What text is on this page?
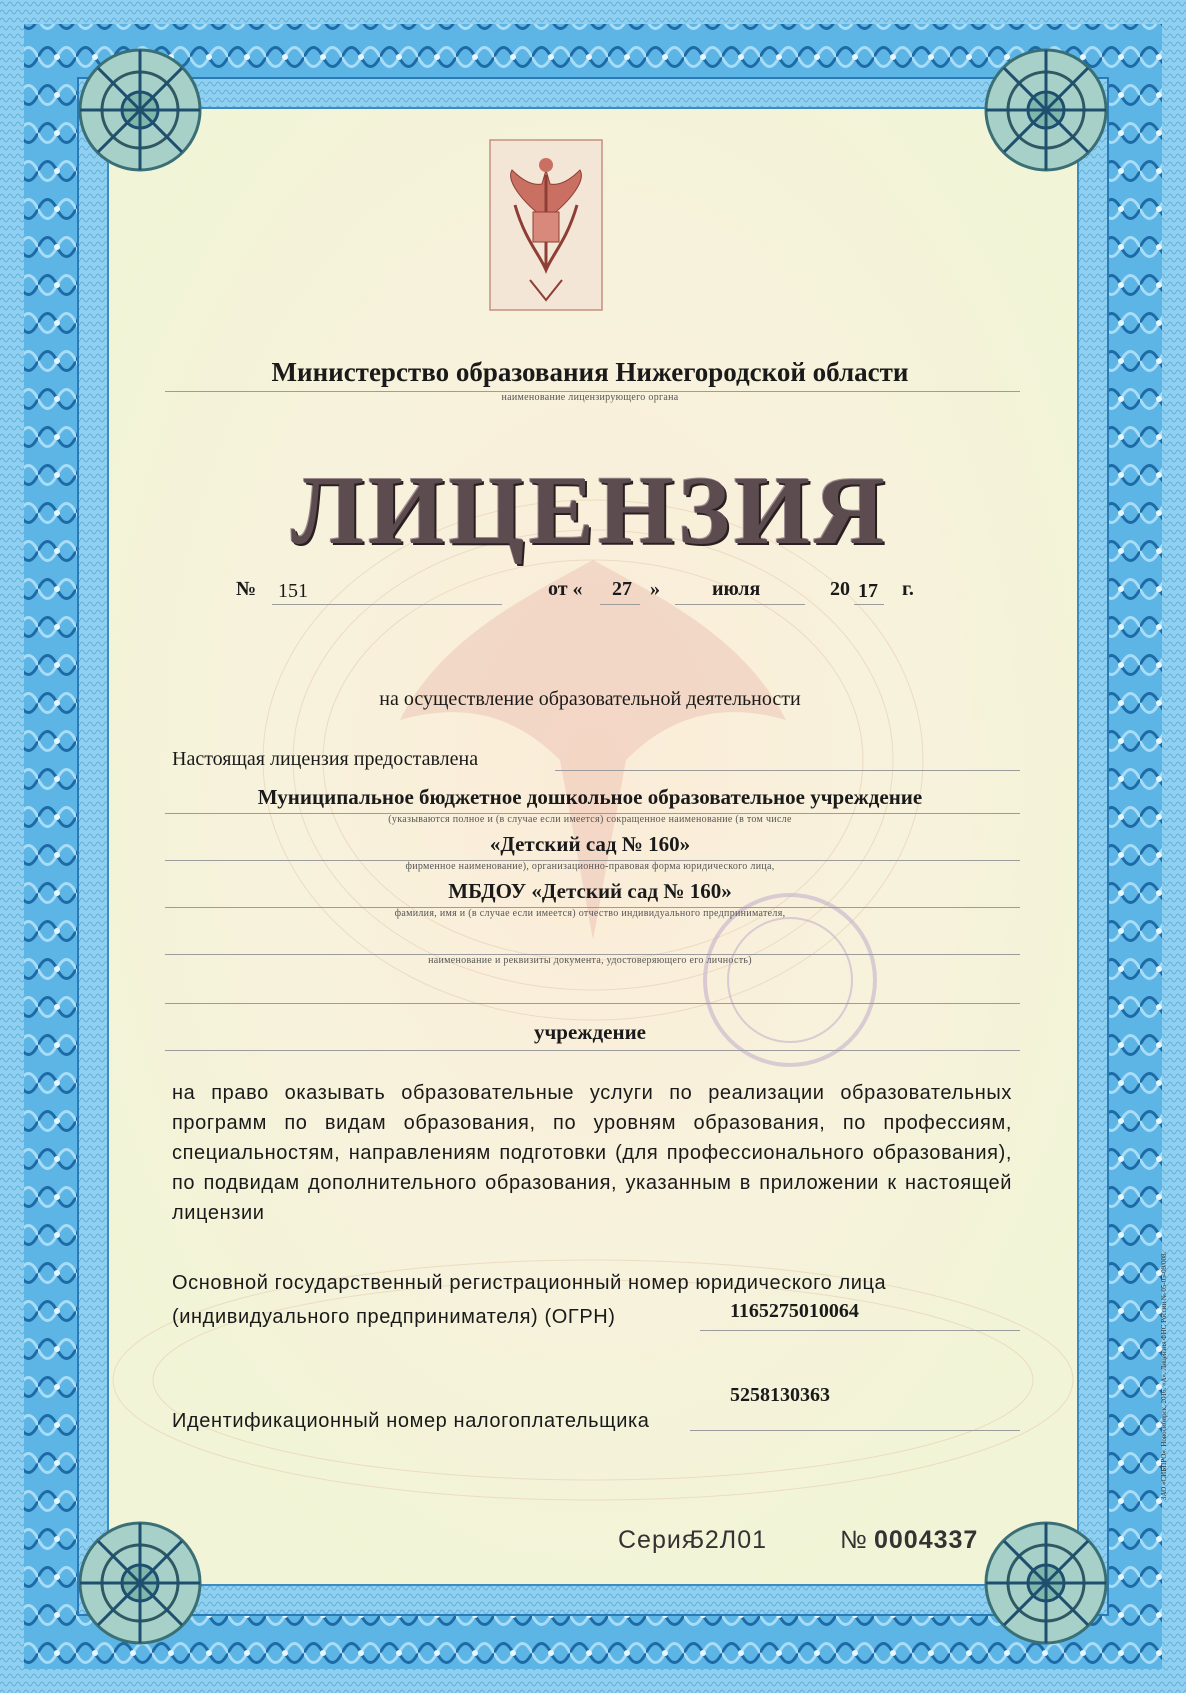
Министерство образования Нижегородской области
наименование лицензирующего органа
ЛИЦЕНЗИЯ
№ 151	от « 27 »	июля	20 17 г.
на осуществление образовательной деятельности
Настоящая лицензия предоставлена
Муниципальное бюджетное дошкольное образовательное учреждение
(указываются полное и (в случае если имеется) сокращенное наименование (в том числе
«Детский сад № 160»
фирменное наименование), организационно-правовая форма юридического лица,
МБДОУ «Детский сад № 160»
фамилия, имя и (в случае если имеется) отчество индивидуального предпринимателя,
наименование и реквизиты документа, удостоверяющего его личность)
учреждение
на право оказывать образовательные услуги по реализации образовательных программ по видам образования, по уровням образования, по профессиям, специальностям, направлениям подготовки (для профессионального образования), по подвидам дополнительного образования, указанным в приложении к настоящей лицензии
Основной государственный регистрационный номер юридического лица
(индивидуального предпринимателя) (ОГРН)	1165275010064
Идентификационный номер налогоплательщика
5258130363
Серия
52Л01	№ 0004337
ЗАО «СИБПРО». Новосибирск, 2016. «А». Лицензия ФНС России № 05-05-09/008.
